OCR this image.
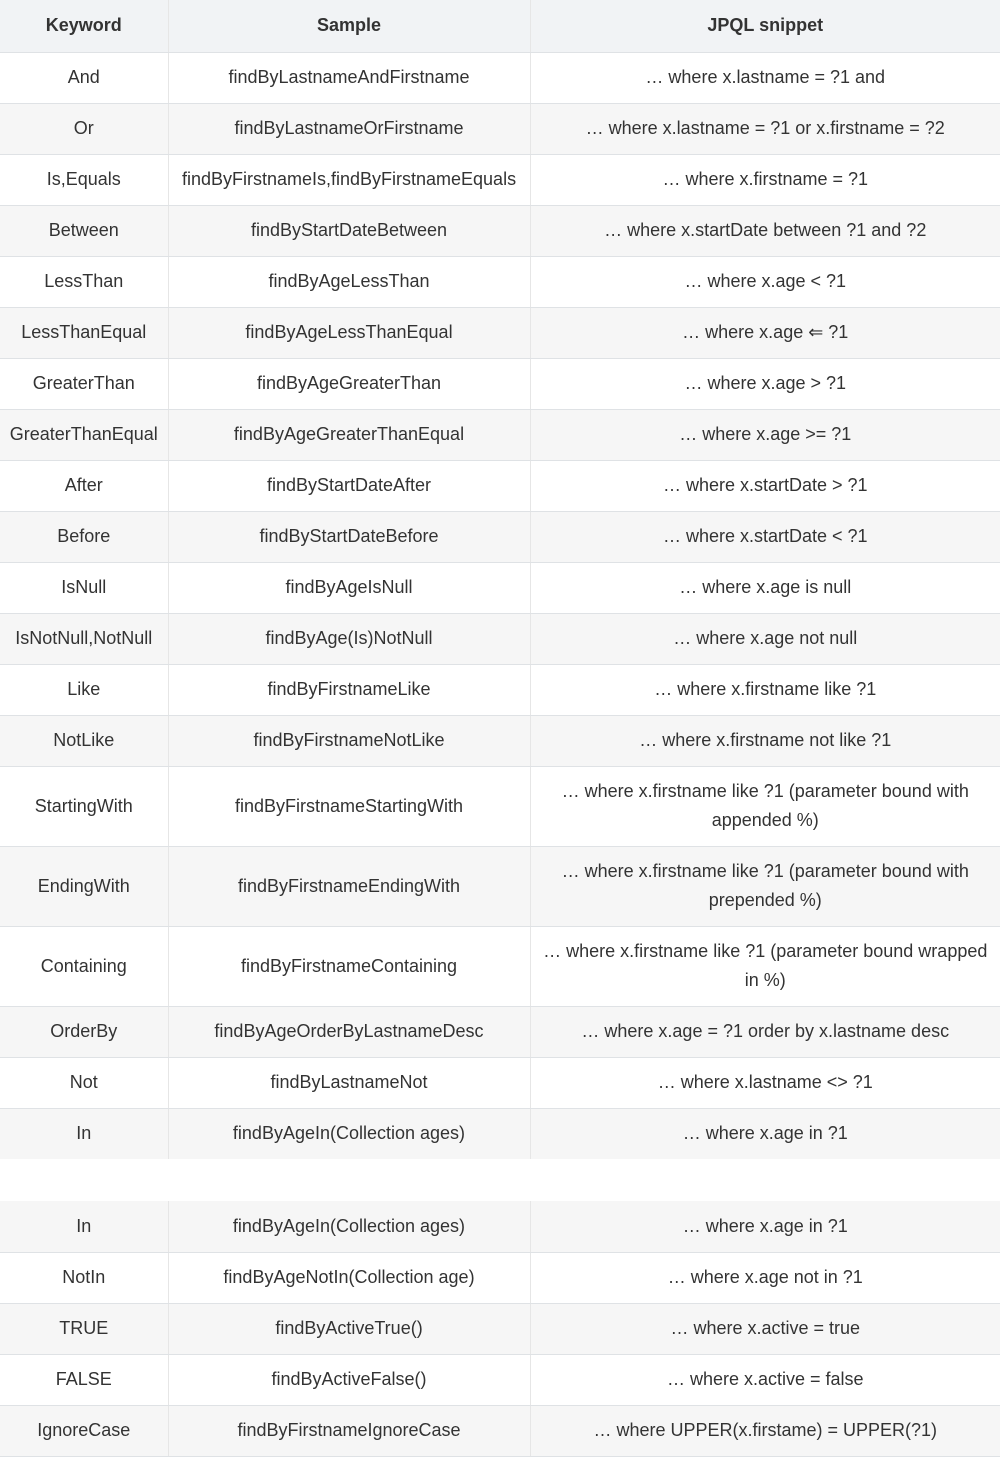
Keyword	Sample	JPQL snippet
And	findByLastnameAndFirstname	… where x.lastname = ?1 and
Or	findByLastnameOrFirstname	… where x.lastname = ?1 or x.firstname = ?2
Is,Equals	findByFirstnameIs,findByFirstnameEquals	… where x.firstname = ?1
Between	findByStartDateBetween	… where x.startDate between ?1 and ?2
LessThan	findByAgeLessThan	… where x.age < ?1
LessThanEqual	findByAgeLessThanEqual	… where x.age ⇐ ?1
GreaterThan	findByAgeGreaterThan	… where x.age > ?1
GreaterThanEqual	findByAgeGreaterThanEqual	… where x.age >= ?1
After	findByStartDateAfter	… where x.startDate > ?1
Before	findByStartDateBefore	… where x.startDate < ?1
IsNull	findByAgeIsNull	… where x.age is null
IsNotNull,NotNull	findByAge(Is)NotNull	… where x.age not null
Like	findByFirstnameLike	… where x.firstname like ?1
NotLike	findByFirstnameNotLike	… where x.firstname not like ?1
StartingWith	findByFirstnameStartingWith	… where x.firstname like ?1 (parameter bound with appended %)
EndingWith	findByFirstnameEndingWith	… where x.firstname like ?1 (parameter bound with prepended %)
Containing	findByFirstnameContaining	… where x.firstname like ?1 (parameter bound wrapped in %)
OrderBy	findByAgeOrderByLastnameDesc	… where x.age = ?1 order by x.lastname desc
Not	findByLastnameNot	… where x.lastname <> ?1
In	findByAgeIn(Collection ages)	… where x.age in ?1
In	findByAgeIn(Collection ages)	… where x.age in ?1
NotIn	findByAgeNotIn(Collection age)	… where x.age not in ?1
TRUE	findByActiveTrue()	… where x.active = true
FALSE	findByActiveFalse()	… where x.active = false
IgnoreCase	findByFirstnameIgnoreCase	… where UPPER(x.firstame) = UPPER(?1)
